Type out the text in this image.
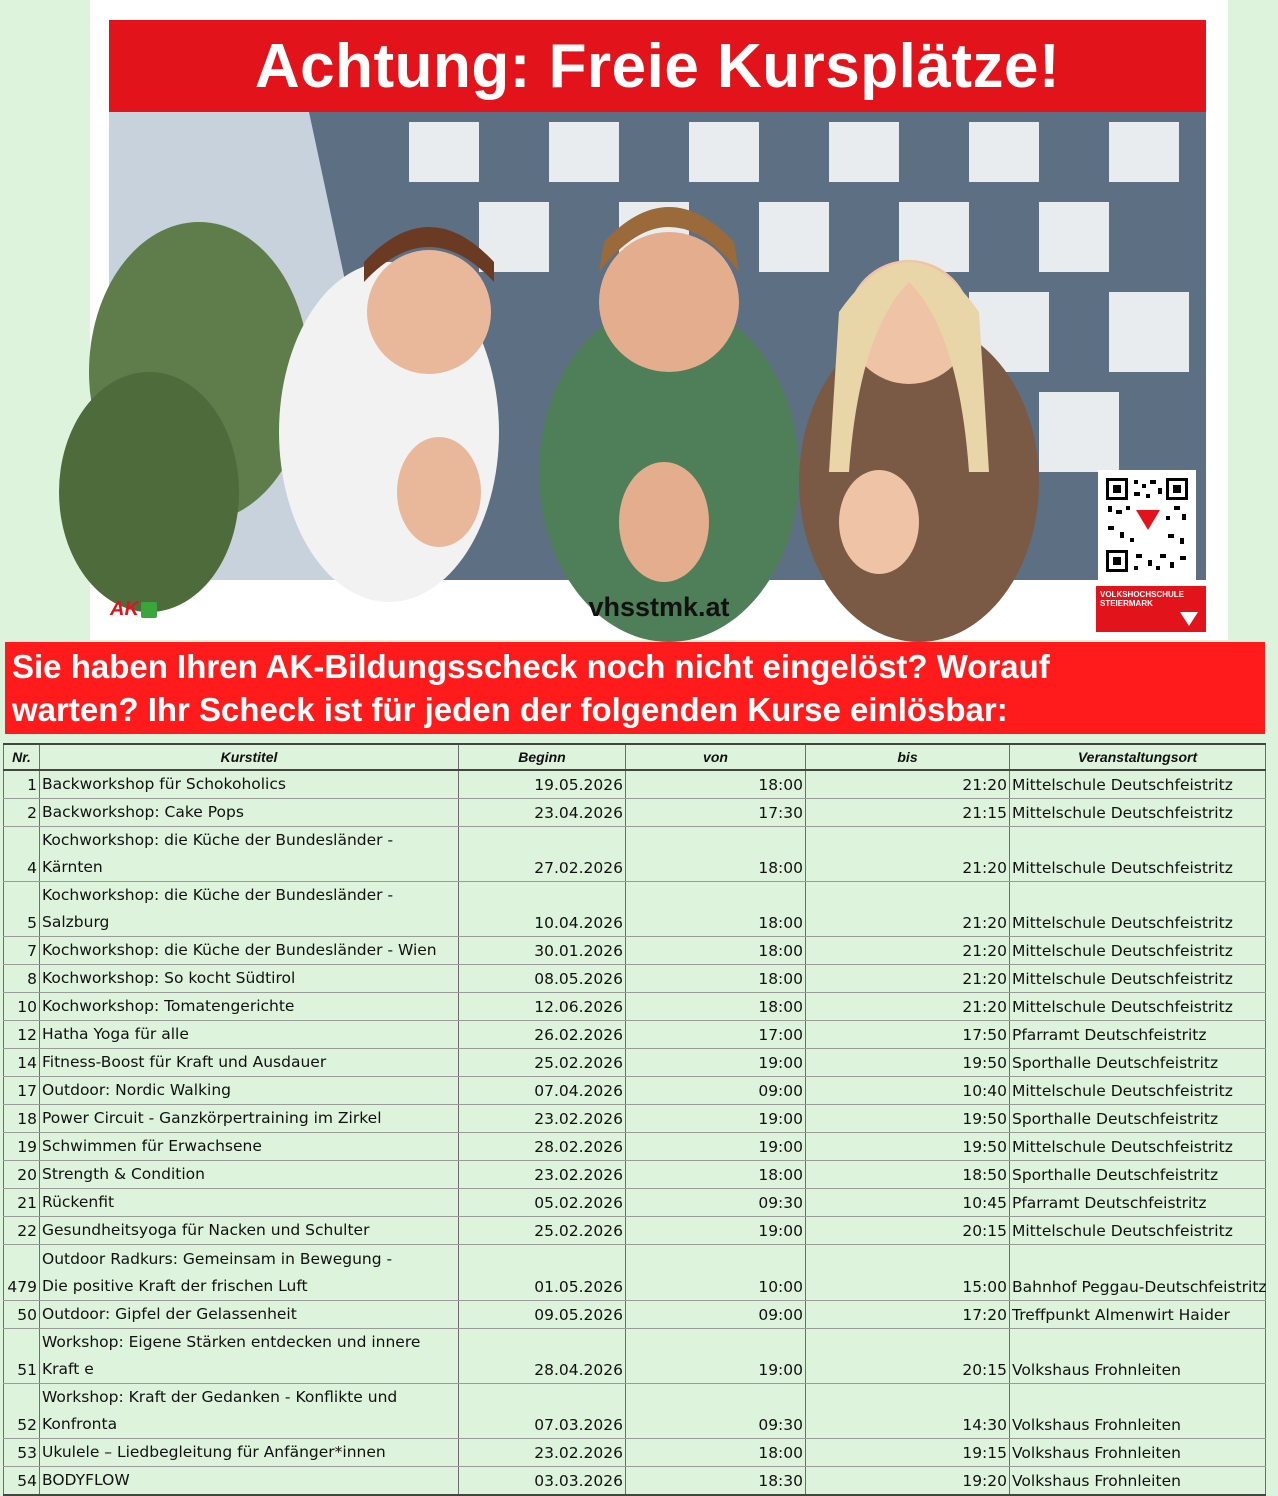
Achtung: Freie Kursplätze!
AK	vhsstmk.at	VOLKSHOCHSCHULE
STEIERMARK
Sie haben Ihren AK-Bildungsscheck noch nicht eingelöst? Worauf
warten? Ihr Scheck ist für jeden der folgenden Kurse einlösbar:
Nr.	Kurstitel	Beginn	von	bis	Veranstaltungsort
1	Backworkshop für Schokoholics	19.05.2026	18:00	21:20	Mittelschule Deutschfeistritz
2	Backworkshop: Cake Pops	23.04.2026	17:30	21:15	Mittelschule Deutschfeistritz
4	Kochworkshop: die Küche der Bundesländer - Kärnten	27.02.2026	18:00	21:20	Mittelschule Deutschfeistritz
5	Kochworkshop: die Küche der Bundesländer - Salzburg	10.04.2026	18:00	21:20	Mittelschule Deutschfeistritz
7	Kochworkshop: die Küche der Bundesländer - Wien	30.01.2026	18:00	21:20	Mittelschule Deutschfeistritz
8	Kochworkshop: So kocht Südtirol	08.05.2026	18:00	21:20	Mittelschule Deutschfeistritz
10	Kochworkshop: Tomatengerichte	12.06.2026	18:00	21:20	Mittelschule Deutschfeistritz
12	Hatha Yoga für alle	26.02.2026	17:00	17:50	Pfarramt Deutschfeistritz
14	Fitness-Boost für Kraft und Ausdauer	25.02.2026	19:00	19:50	Sporthalle Deutschfeistritz
17	Outdoor: Nordic Walking	07.04.2026	09:00	10:40	Mittelschule Deutschfeistritz
18	Power Circuit - Ganzkörpertraining im Zirkel	23.02.2026	19:00	19:50	Sporthalle Deutschfeistritz
19	Schwimmen für Erwachsene	28.02.2026	19:00	19:50	Mittelschule Deutschfeistritz
20	Strength & Condition	23.02.2026	18:00	18:50	Sporthalle Deutschfeistritz
21	Rückenfit	05.02.2026	09:30	10:45	Pfarramt Deutschfeistritz
22	Gesundheitsyoga für Nacken und Schulter	25.02.2026	19:00	20:15	Mittelschule Deutschfeistritz
479	Outdoor Radkurs: Gemeinsam in Bewegung -
Die positive Kraft der frischen Luft	01.05.2026	10:00	15:00	Bahnhof Peggau-Deutschfeistritz
50	Outdoor: Gipfel der Gelassenheit	09.05.2026	09:00	17:20	Treffpunkt Almenwirt Haider
51	Workshop: Eigene Stärken entdecken und innere Kraft e	28.04.2026	19:00	20:15	Volkshaus Frohnleiten
52	Workshop: Kraft der Gedanken - Konflikte und Konfronta	07.03.2026	09:30	14:30	Volkshaus Frohnleiten
53	Ukulele – Liedbegleitung für Anfänger*innen	23.02.2026	18:00	19:15	Volkshaus Frohnleiten
54	BODYFLOW	03.03.2026	18:30	19:20	Volkshaus Frohnleiten
